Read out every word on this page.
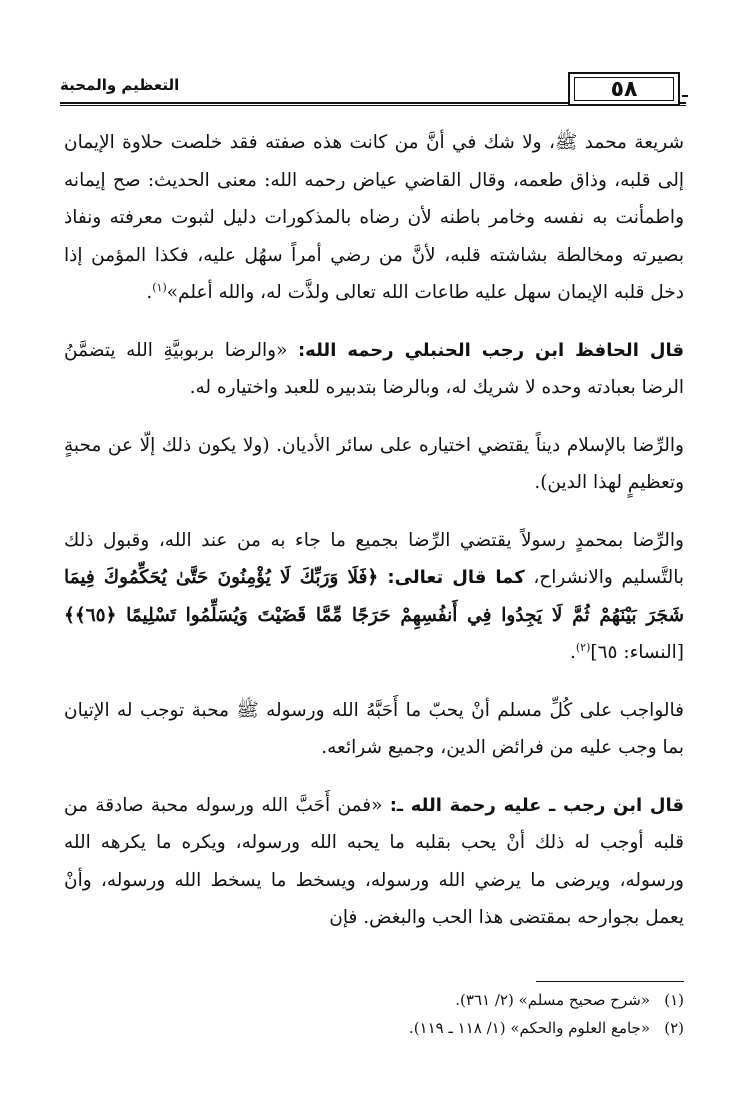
التعظيم والمحبة	٥٨

شريعة محمد ﷺ، ولا شك في أنَّ من كانت هذه صفته فقد خلصت حلاوة الإيمان إلى قلبه، وذاق طعمه، وقال القاضي عياض رحمه الله: معنى الحديث: صح إيمانه واطمأنت به نفسه وخامر باطنه لأن رضاه بالمذكورات دليل لثبوت معرفته ونفاذ بصيرته ومخالطة بشاشته قلبه، لأنَّ من رضي أمراً سهُل عليه، فكذا المؤمن إذا دخل قلبه الإيمان سهل عليه طاعات الله تعالى ولذَّت له، والله أعلم»$^{(١)}$.

قال الحافظ ابن رجب الحنبلي رحمه الله: «والرضا بربوبيَّةِ الله يتضمَّنُ الرضا بعبادته وحده لا شريك له، وبالرضا بتدبيره للعبد واختياره له.

والرِّضا بالإسلام ديناً يقتضي اختياره على سائر الأديان. (ولا يكون ذلك إلّا عن محبةٍ وتعظيمٍ لهذا الدين).

والرِّضا بمحمدٍ رسولاً يقتضي الرِّضا بجميع ما جاء به من عند الله، وقبول ذلك بالتَّسليم والانشراح، كما قال تعالى: ﴿فَلَا وَرَبِّكَ لَا يُؤْمِنُونَ حَتَّىٰ يُحَكِّمُوكَ فِيمَا شَجَرَ بَيْنَهُمْ ثُمَّ لَا يَجِدُوا فِي أَنفُسِهِمْ حَرَجًا مِّمَّا قَضَيْتَ وَيُسَلِّمُوا تَسْلِيمًا ﴿٦٥﴾﴾ [النساء: ٦٥]$^{(٢)}$.

فالواجب على كُلِّ مسلم أنْ يحبّ ما أَحَبَّهُ الله ورسوله ﷺ محبة توجب له الإتيان بما وجب عليه من فرائض الدين، وجميع شرائعه.

قال ابن رجب ـ عليه رحمة الله ـ: «فمن أَحَبَّ الله ورسوله محبة صادقة من قلبه أوجب له ذلك أنْ يحب بقلبه ما يحبه الله ورسوله، ويكره ما يكرهه الله ورسوله، ويرضى ما يرضي الله ورسوله، ويسخط ما يسخط الله ورسوله، وأنْ يعمل بجوارحه بمقتضى هذا الحب والبغض. فإن

(١)«شرح صحيح مسلم» (٢/ ٣٦١).

(٢)«جامع العلوم والحكم» (١/ ١١٨ ـ ١١٩).
